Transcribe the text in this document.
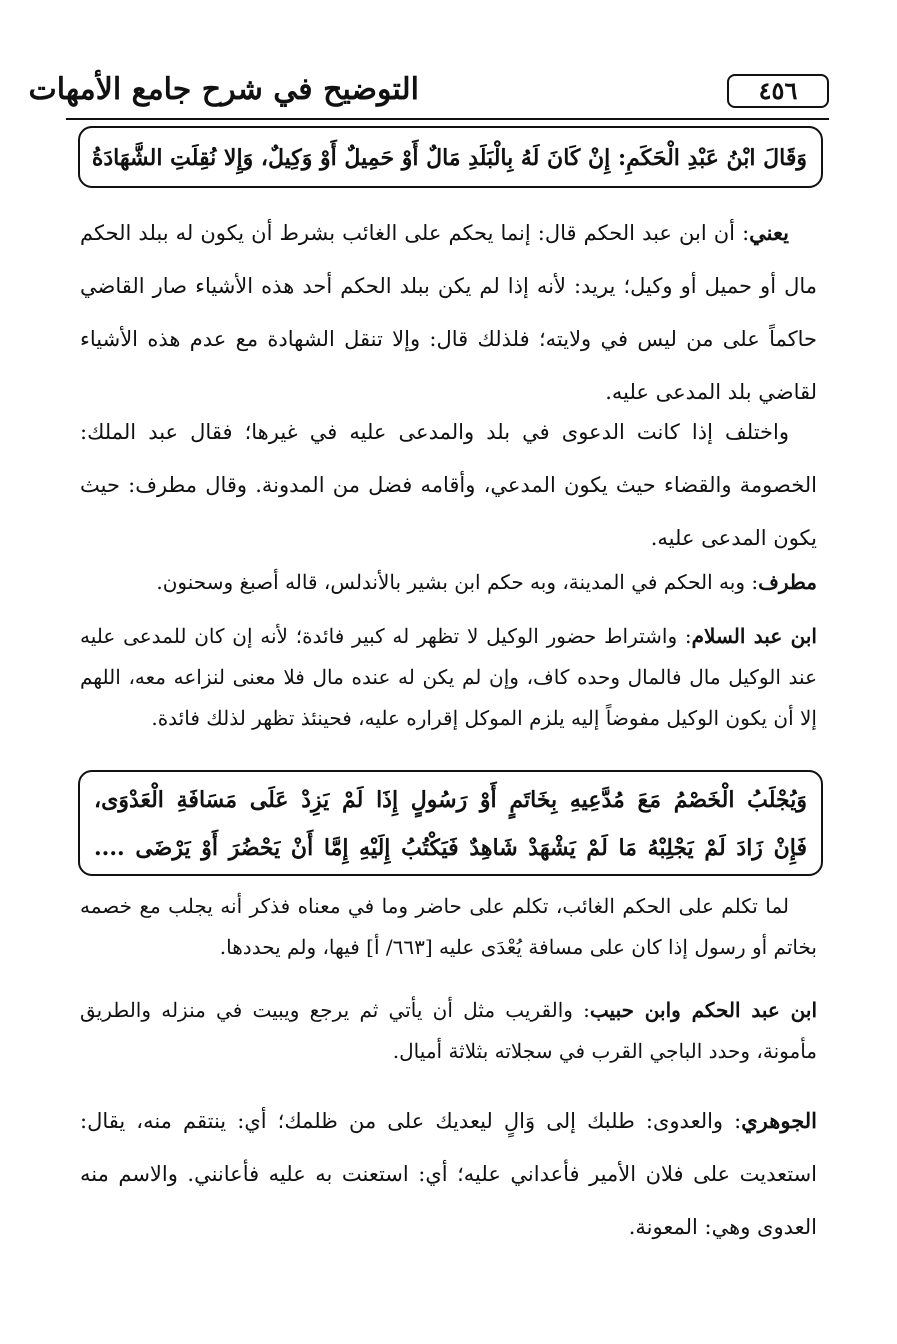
التوضيح في شرح جامع الأمهات	٤٥٦
وَقَالَ ابْنُ عَبْدِ الْحَكَمِ: إِنْ كَانَ لَهُ بِالْبَلَدِ مَالٌ أَوْ حَمِيلٌ أَوْ وَكِيلٌ، وَإِلا نُقِلَتِ الشَّهَادَةُ

يعني: أن ابن عبد الحكم قال: إنما يحكم على الغائب بشرط أن يكون له ببلد الحكم مال أو حميل أو وكيل؛ يريد: لأنه إذا لم يكن ببلد الحكم أحد هذه الأشياء صار القاضي حاكماً على من ليس في ولايته؛ فلذلك قال: وإلا تنقل الشهادة مع عدم هذه الأشياء لقاضي بلد المدعى عليه.

واختلف إذا كانت الدعوى في بلد والمدعى عليه في غيرها؛ فقال عبد الملك: الخصومة والقضاء حيث يكون المدعي، وأقامه فضل من المدونة. وقال مطرف: حيث يكون المدعى عليه.

مطرف: وبه الحكم في المدينة، وبه حكم ابن بشير بالأندلس، قاله أصبغ وسحنون.

ابن عبد السلام: واشتراط حضور الوكيل لا تظهر له كبير فائدة؛ لأنه إن كان للمدعى عليه عند الوكيل مال فالمال وحده كاف، وإن لم يكن له عنده مال فلا معنى لنزاعه معه، اللهم إلا أن يكون الوكيل مفوضاً إليه يلزم الموكل إقراره عليه، فحينئذ تظهر لذلك فائدة.

وَيُجْلَبُ الْخَصْمُ مَعَ مُدَّعِيهِ بِخَاتَمٍ أَوْ رَسُولٍ إِذَا لَمْ يَزِدْ عَلَى مَسَافَةِ الْعَدْوَى،
فَإِنْ زَادَ لَمْ يَجْلِبْهُ مَا لَمْ يَشْهَدْ شَاهِدٌ فَيَكْتُبُ إِلَيْهِ إِمَّا أَنْ يَحْضُرَ أَوْ يَرْضَى ....

لما تكلم على الحكم الغائب، تكلم على حاضر وما في معناه فذكر أنه يجلب مع خصمه بخاتم أو رسول إذا كان على مسافة يُعْدَى عليه [٦٦٣/ أ] فيها، ولم يحددها.

ابن عبد الحكم وابن حبيب: والقريب مثل أن يأتي ثم يرجع ويبيت في منزله والطريق مأمونة، وحدد الباجي القرب في سجلاته بثلاثة أميال.

الجوهري: والعدوى: طلبك إلى وَالٍ ليعديك على من ظلمك؛ أي: ينتقم منه، يقال: استعديت على فلان الأمير فأعداني عليه؛ أي: استعنت به عليه فأعانني. والاسم منه العدوى وهي: المعونة.
